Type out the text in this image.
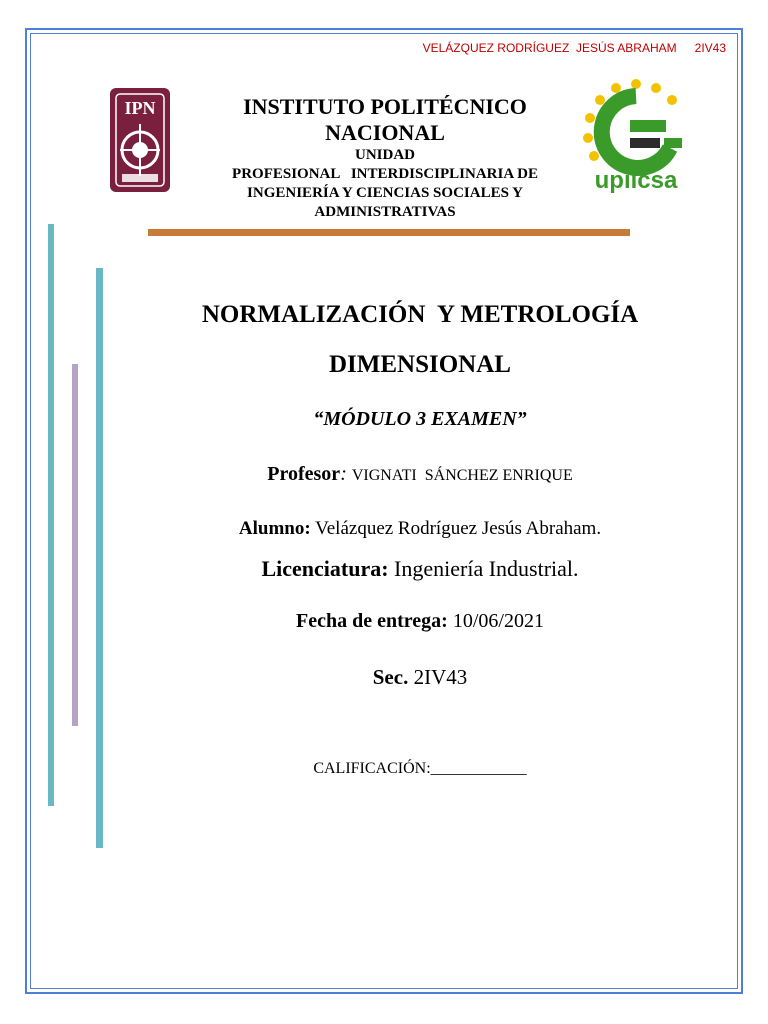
VELÁZQUEZ RODRÍGUEZ  JESÚS ABRAHAM 2IV43
IPN
upiicsa
INSTITUTO POLITÉCNICO
NACIONAL
UNIDAD
PROFESIONAL   INTERDISCIPLINARIA DE
INGENIERÍA Y CIENCIAS SOCIALES Y
ADMINISTRATIVAS
NORMALIZACIÓN  Y METROLOGÍA
DIMENSIONAL
“MÓDULO 3 EXAMEN”
Profesor: VIGNATI  SÁNCHEZ ENRIQUE
Alumno: Velázquez Rodríguez Jesús Abraham.
Licenciatura: Ingeniería Industrial.
Fecha de entrega: 10/06/2021
Sec. 2IV43
CALIFICACIÓN:____________
